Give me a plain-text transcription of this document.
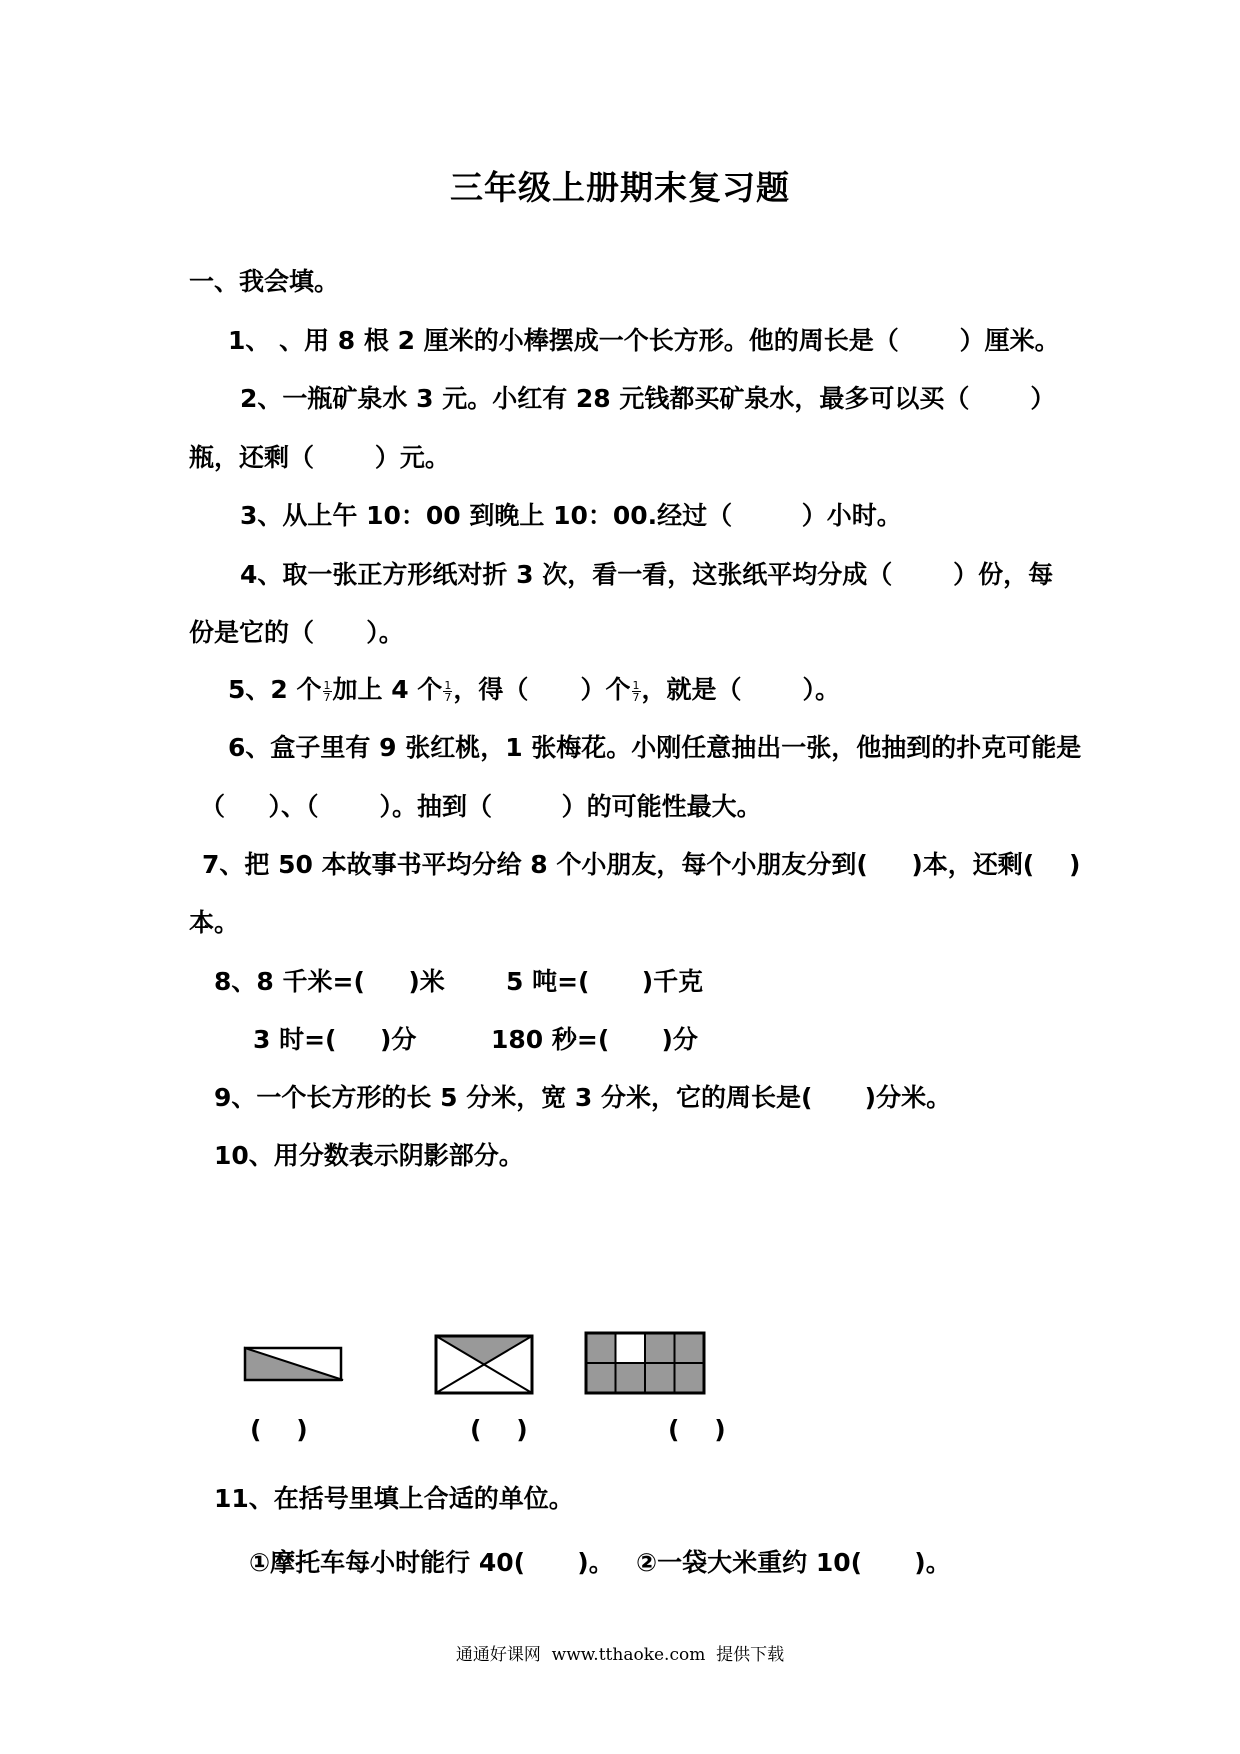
三年级上册期末复习题
一、我会填。
1、 、用 8 根 2 厘米的小棒摆成一个长方形。他的周长是（       ）厘米。
2、一瓶矿泉水 3 元。小红有 28 元钱都买矿泉水，最多可以买（       ）
瓶，还剩（       ）元。
3、从上午 10：00 到晚上 10：00.经过（        ）小时。
4、取一张正方形纸对折 3 次，看一看，这张纸平均分成（       ）份，每
份是它的（      ）。
5、2 个 $\frac{1}{7}$ 加上 4 个 $\frac{1}{7}$ ，得（      ）个 $\frac{1}{7}$ ，就是（       ）。
6、盒子里有 9 张红桃，1 张梅花。小刚任意抽出一张，他抽到的扑克可能是
（     ）、（       ）。抽到（        ）的可能性最大。
7、把 50 本故事书平均分给 8 个小朋友，每个小朋友分到(     )本，还剩(    )
本。
8、8 千米=(     )米 5 吨=(      )千克
3 时=(     )分	180 秒=(      )分
9、一个长方形的长 5 分米，宽 3 分米，它的周长是(      )分米。
10、用分数表示阴影部分。
(    )	(    )	(    )
11、在括号里填上合适的单位。
①摩托车每小时能行 40(      )。 ②一袋大米重约 10(      )。
通通好课网  www.tthaoke.com  提供下载
